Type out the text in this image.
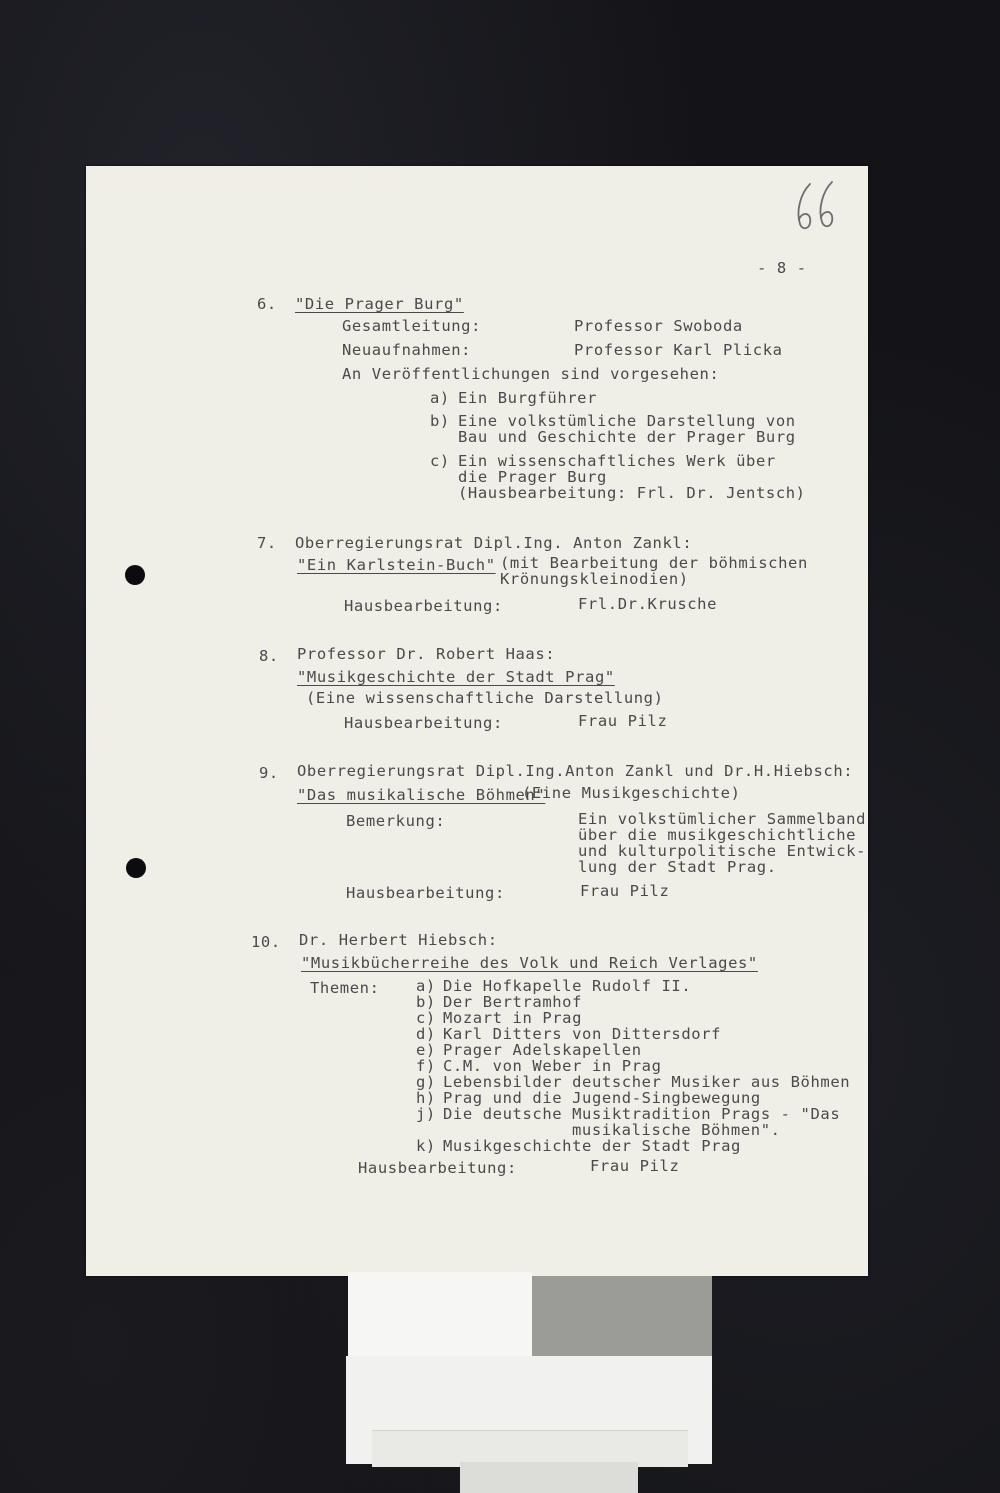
- 8 -
6. "Die Prager Burg"
Gesamtleitung:	Professor Swoboda
Neuaufnahmen:	Professor Karl Plicka
An Veröffentlichungen sind vorgesehen:
a) Ein Burgführer
b) Eine volkstümliche Darstellung von
Bau und Geschichte der Prager Burg
c) Ein wissenschaftliches Werk über
die Prager Burg
(Hausbearbeitung: Frl. Dr. Jentsch)
7. Oberregierungsrat Dipl.Ing. Anton Zankl:
"Ein Karlstein-Buch" (mit Bearbeitung der böhmischen
Krönungskleinodien)
Hausbearbeitung:	Frl.Dr.Krusche
8. Professor Dr. Robert Haas:
"Musikgeschichte der Stadt Prag"
(Eine wissenschaftliche Darstellung)
Hausbearbeitung:	Frau Pilz
9. Oberregierungsrat Dipl.Ing.Anton Zankl und Dr.H.Hiebsch:
"Das musikalische Böhmen"
(Eine Musikgeschichte)
Bemerkung:	Ein volkstümlicher Sammelband
über die musikgeschichtliche
und kulturpolitische Entwick-
lung der Stadt Prag.
Hausbearbeitung:	Frau Pilz
10. Dr. Herbert Hiebsch:
"Musikbücherreihe des Volk und Reich Verlages"
Themen: a) Die Hofkapelle Rudolf II.
b) Der Bertramhof
c) Mozart in Prag
d) Karl Ditters von Dittersdorf
e) Prager Adelskapellen
f) C.M. von Weber in Prag
g) Lebensbilder deutscher Musiker aus Böhmen
h) Prag und die Jugend-Singbewegung
j) Die deutsche Musiktradition Prags - "Das
musikalische Böhmen".
k) Musikgeschichte der Stadt Prag
Hausbearbeitung:	Frau Pilz
